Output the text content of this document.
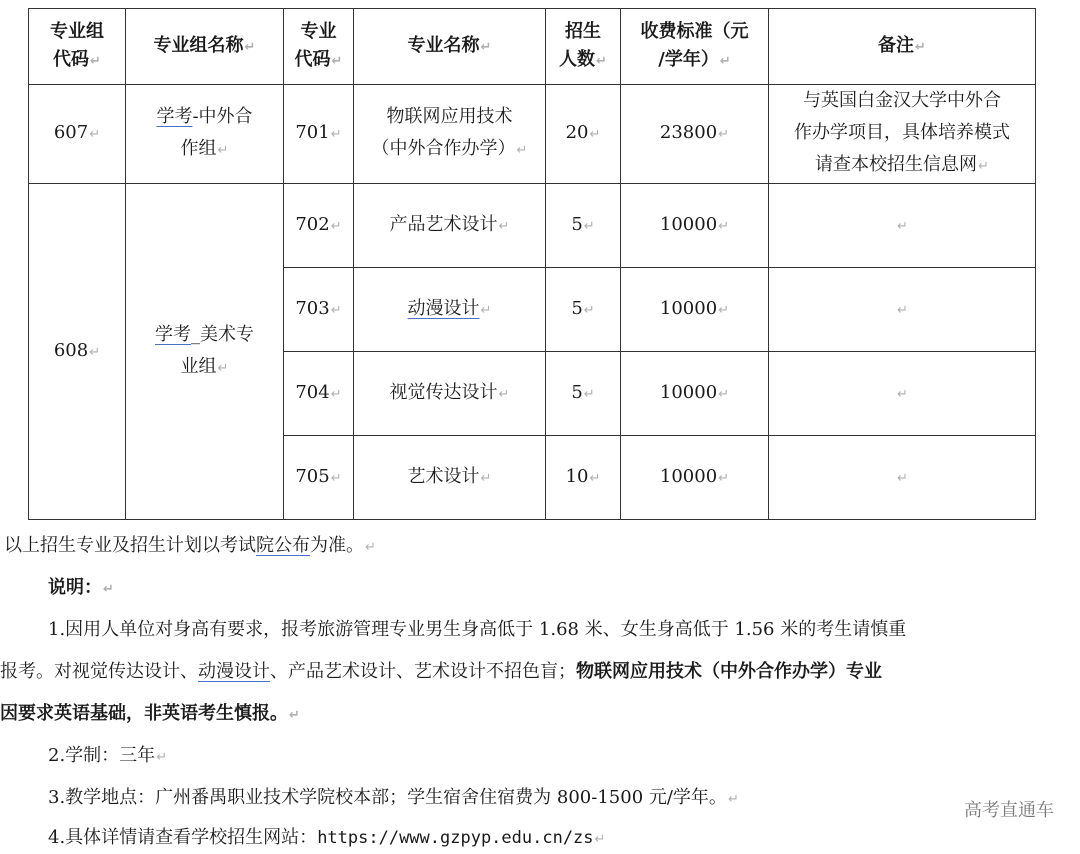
专业组
代码↵	专业组名称↵	专业
代码↵	专业名称↵	招生
人数↵	收费标准（元
/学年）↵	备注↵
607↵	学考-中外合
作组↵	701↵	物联网应用技术
（中外合作办学）↵	20↵	23800↵	与英国白金汉大学中外合
作办学项目，具体培养模式
请查本校招生信息网↵
608↵	学考_美术专
业组↵	702↵	产品艺术设计↵	5↵	10000↵	↵
		703↵	动漫设计↵	5↵	10000↵	↵
		704↵	视觉传达设计↵	5↵	10000↵	↵
		705↵	艺术设计↵	10↵	10000↵	↵
以上招生专业及招生计划以考试院公布为准。↵
说明：↵
1.因用人单位对身高有要求，报考旅游管理专业男生身高低于 1.68 米、女生身高低于 1.56 米的考生请慎重
报考。对视觉传达设计、动漫设计、产品艺术设计、艺术设计不招色盲；物联网应用技术（中外合作办学）专业
因要求英语基础，非英语考生慎报。↵
2.学制：三年↵
3.教学地点：广州番禺职业技术学院校本部；学生宿舍住宿费为 800-1500 元/学年。↵
4.具体详情请查看学校招生网站：https://www.gzpyp.edu.cn/zs↵
高考直通车
